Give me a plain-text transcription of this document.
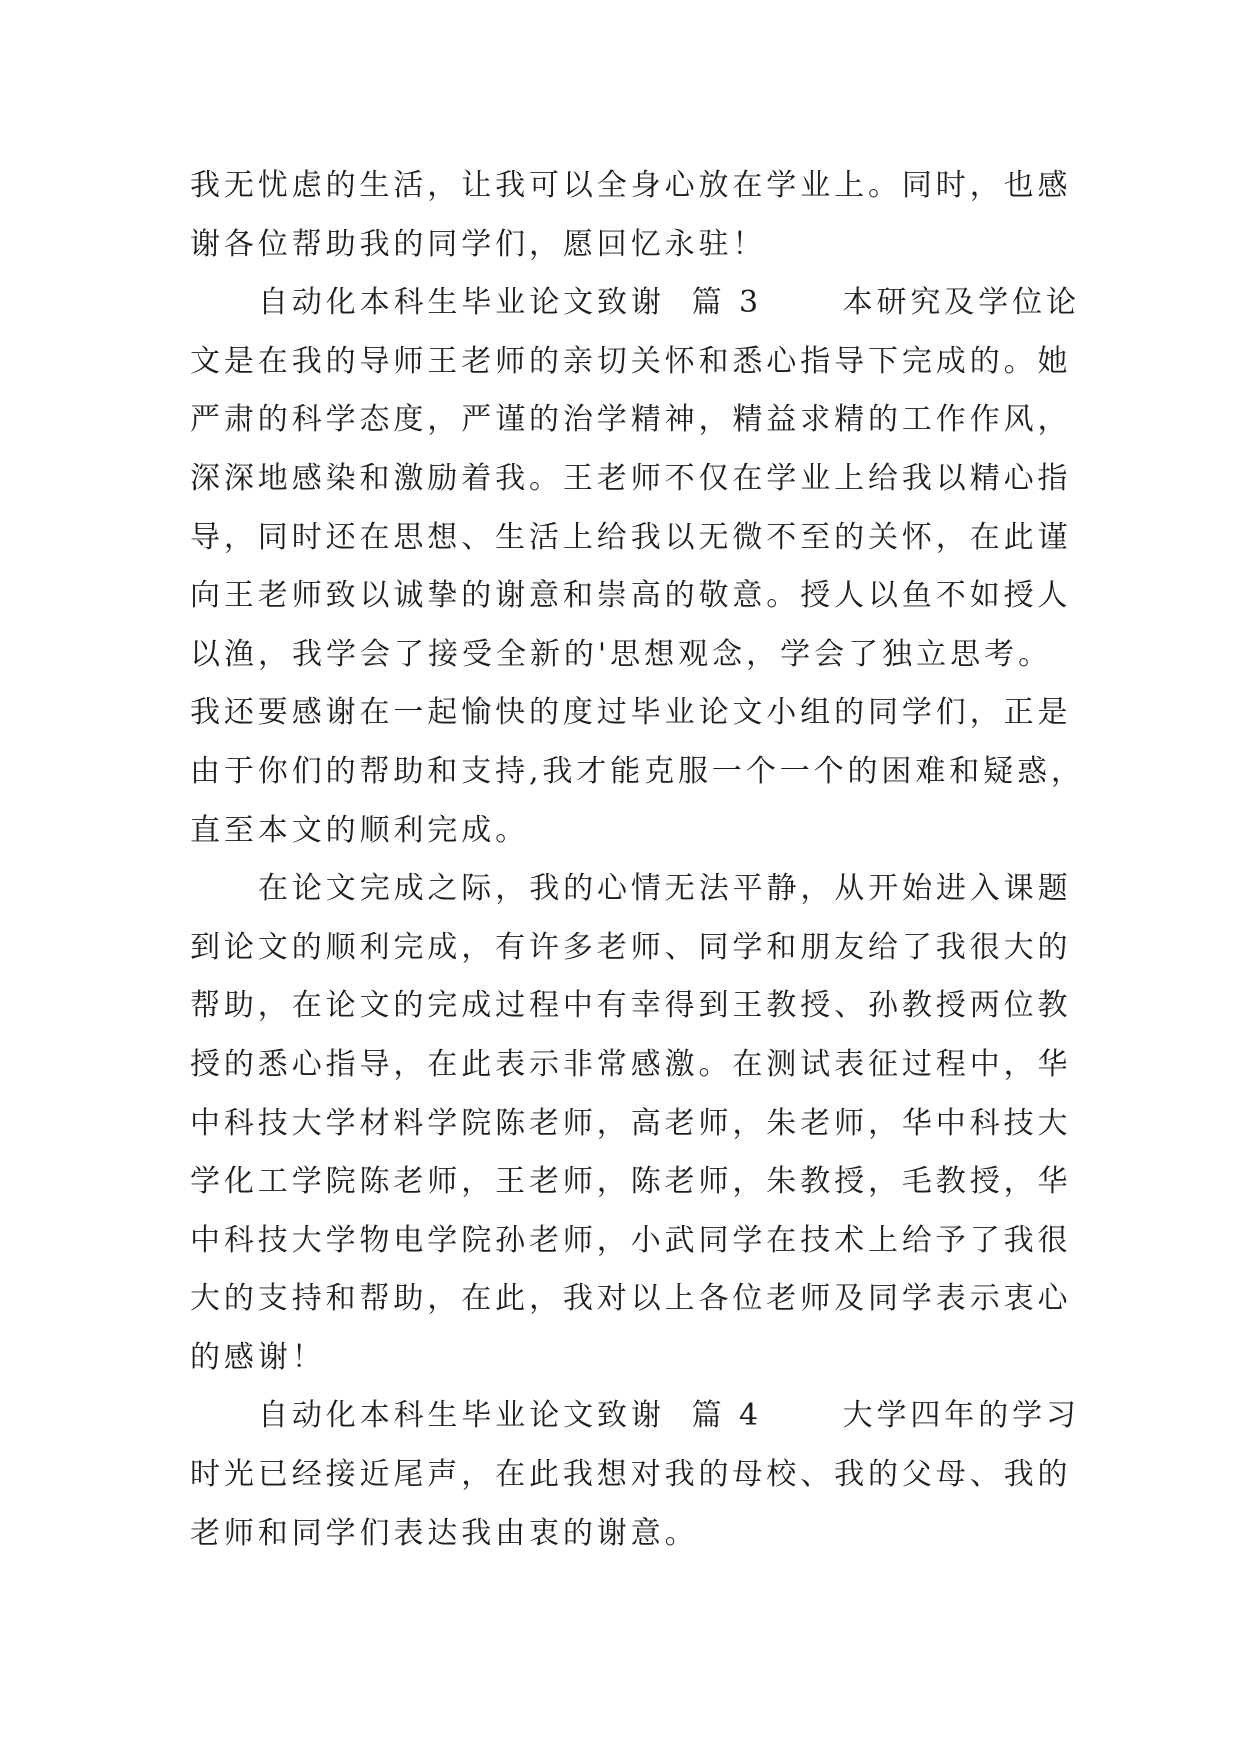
我无忧虑的生活，让我可以全身心放在学业上。同时，也感
谢各位帮助我的同学们，愿回忆永驻！
自动化本科生毕业论文致谢  篇 3      本研究及学位论
文是在我的导师王老师的亲切关怀和悉心指导下完成的。她
严肃的科学态度，严谨的治学精神，精益求精的工作作风，
深深地感染和激励着我。王老师不仅在学业上给我以精心指
导，同时还在思想、生活上给我以无微不至的关怀，在此谨
向王老师致以诚挚的谢意和崇高的敬意。授人以鱼不如授人
以渔，我学会了接受全新的'思想观念，学会了独立思考。
我还要感谢在一起愉快的度过毕业论文小组的同学们，正是
由于你们的帮助和支持,我才能克服一个一个的困难和疑惑，
直至本文的顺利完成。
在论文完成之际，我的心情无法平静，从开始进入课题
到论文的顺利完成，有许多老师、同学和朋友给了我很大的
帮助，在论文的完成过程中有幸得到王教授、孙教授两位教
授的悉心指导，在此表示非常感激。在测试表征过程中，华
中科技大学材料学院陈老师，高老师，朱老师，华中科技大
学化工学院陈老师，王老师，陈老师，朱教授，毛教授，华
中科技大学物电学院孙老师，小武同学在技术上给予了我很
大的支持和帮助，在此，我对以上各位老师及同学表示衷心
的感谢！
自动化本科生毕业论文致谢  篇 4      大学四年的学习
时光已经接近尾声，在此我想对我的母校、我的父母、我的
老师和同学们表达我由衷的谢意。
